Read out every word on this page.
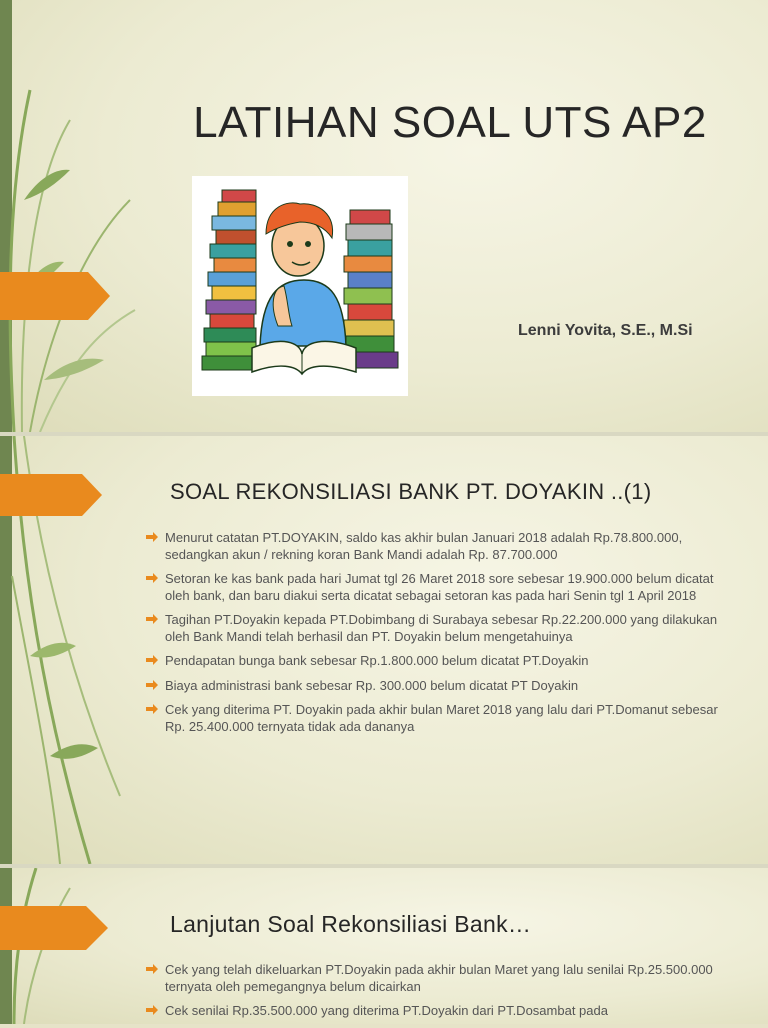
LATIHAN SOAL UTS AP2
Lenni Yovita, S.E., M.Si
SOAL REKONSILIASI BANK PT. DOYAKIN ..(1)
Menurut catatan PT.DOYAKIN, saldo kas akhir bulan Januari 2018 adalah Rp.78.800.000, sedangkan akun / rekning koran Bank Mandi adalah Rp. 87.700.000
Setoran ke kas bank pada hari Jumat tgl 26 Maret 2018 sore sebesar 19.900.000 belum dicatat oleh bank, dan baru diakui serta dicatat sebagai setoran kas pada hari Senin tgl 1 April 2018
Tagihan PT.Doyakin kepada PT.Dobimbang di Surabaya sebesar Rp.22.200.000 yang dilakukan oleh Bank Mandi telah berhasil dan PT. Doyakin belum mengetahuinya
Pendapatan bunga bank sebesar Rp.1.800.000 belum dicatat PT.Doyakin
Biaya administrasi bank sebesar Rp. 300.000 belum dicatat PT Doyakin
Cek yang diterima PT. Doyakin pada akhir bulan Maret 2018 yang lalu dari PT.Domanut sebesar Rp. 25.400.000 ternyata tidak ada dananya
Lanjutan Soal Rekonsiliasi Bank…
Cek yang telah dikeluarkan PT.Doyakin pada akhir bulan Maret yang lalu senilai Rp.25.500.000 ternyata oleh pemegangnya belum dicairkan
Cek senilai Rp.35.500.000 yang diterima PT.Doyakin dari PT.Dosambat pada
